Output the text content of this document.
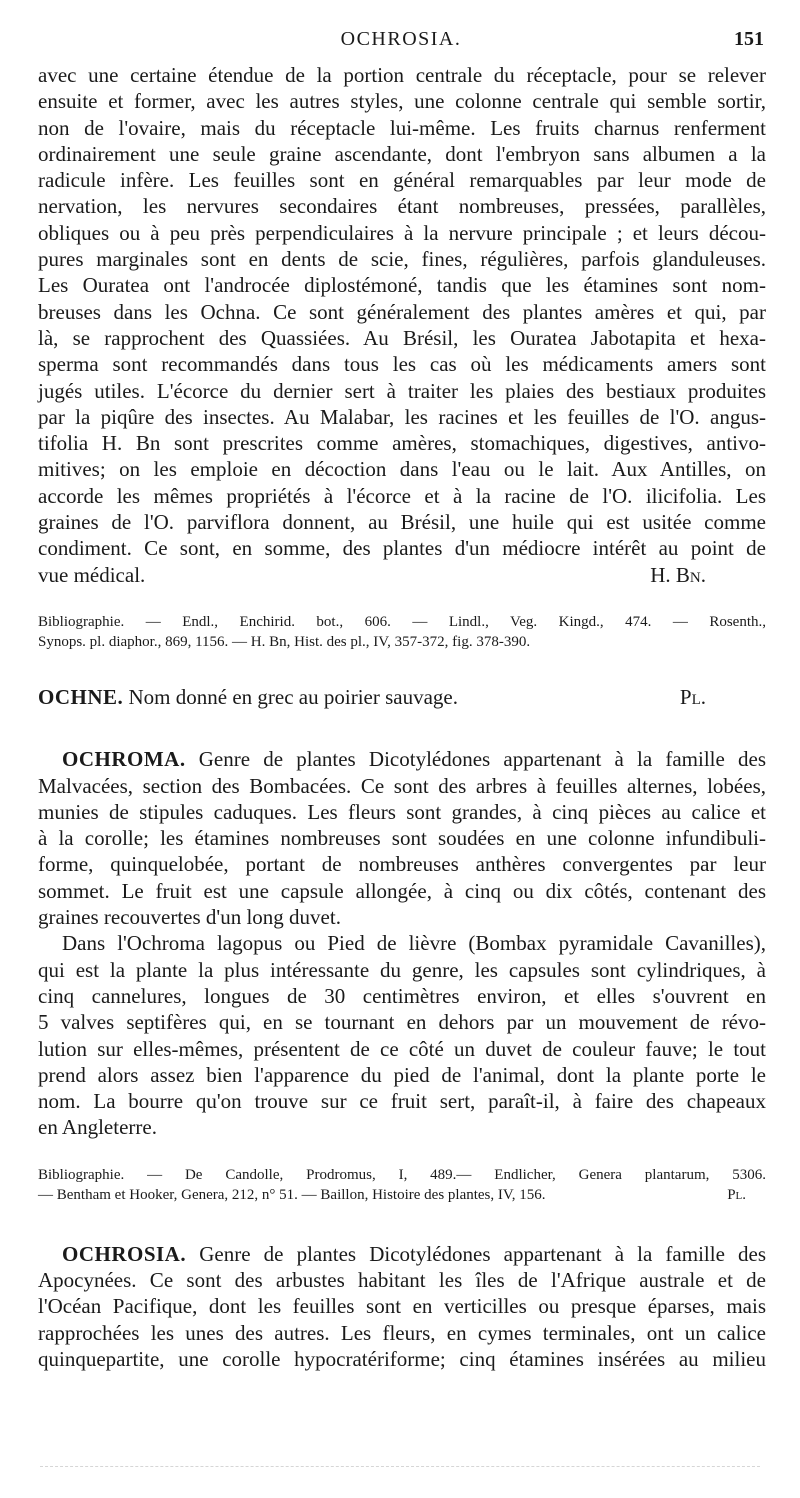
OCHROSIA.	151
avec une certaine étendue de la portion centrale du réceptacle, pour se relever
ensuite et former, avec les autres styles, une colonne centrale qui semble sortir,
non de l'ovaire, mais du réceptacle lui-même. Les fruits charnus renferment
ordinairement une seule graine ascendante, dont l'embryon sans albumen a la
radicule infère. Les feuilles sont en général remarquables par leur mode de
nervation, les nervures secondaires étant nombreuses, pressées, parallèles,
obliques ou à peu près perpendiculaires à la nervure principale ; et leurs décou-
pures marginales sont en dents de scie, fines, régulières, parfois glanduleuses.
Les Ouratea ont l'androcée diplostémoné, tandis que les étamines sont nom-
breuses dans les Ochna. Ce sont généralement des plantes amères et qui, par
là, se rapprochent des Quassiées. Au Brésil, les Ouratea Jabotapita et hexa-
sperma sont recommandés dans tous les cas où les médicaments amers sont
jugés utiles. L'écorce du dernier sert à traiter les plaies des bestiaux produites
par la piqûre des insectes. Au Malabar, les racines et les feuilles de l'O. angus-
tifolia H. Bn sont prescrites comme amères, stomachiques, digestives, antivo-
mitives; on les emploie en décoction dans l'eau ou le lait. Aux Antilles, on
accorde les mêmes propriétés à l'écorce et à la racine de l'O. ilicifolia. Les
graines de l'O. parviflora donnent, au Brésil, une huile qui est usitée comme
condiment. Ce sont, en somme, des plantes d'un médiocre intérêt au point de
vue médical.	H. Bn.
Bibliographie. — Endl., Enchirid. bot., 606. — Lindl., Veg. Kingd., 474. — Rosenth.,
Synops. pl. diaphor., 869, 1156. — H. Bn, Hist. des pl., IV, 357-372, fig. 378-390.
OCHNE. Nom donné en grec au poirier sauvage.	Pl.
OCHROMA. Genre de plantes Dicotylédones appartenant à la famille des
Malvacées, section des Bombacées. Ce sont des arbres à feuilles alternes, lobées,
munies de stipules caduques. Les fleurs sont grandes, à cinq pièces au calice et
à la corolle; les étamines nombreuses sont soudées en une colonne infundibuli-
forme, quinquelobée, portant de nombreuses anthères convergentes par leur
sommet. Le fruit est une capsule allongée, à cinq ou dix côtés, contenant des
graines recouvertes d'un long duvet.
Dans l'Ochroma lagopus ou Pied de lièvre (Bombax pyramidale Cavanilles),
qui est la plante la plus intéressante du genre, les capsules sont cylindriques, à
cinq cannelures, longues de 30 centimètres environ, et elles s'ouvrent en
5 valves septifères qui, en se tournant en dehors par un mouvement de révo-
lution sur elles-mêmes, présentent de ce côté un duvet de couleur fauve; le tout
prend alors assez bien l'apparence du pied de l'animal, dont la plante porte le
nom. La bourre qu'on trouve sur ce fruit sert, paraît-il, à faire des chapeaux
en Angleterre.
Bibliographie. — De Candolle, Prodromus, I, 489.— Endlicher, Genera plantarum, 5306.
— Bentham et Hooker, Genera, 212, n° 51. — Baillon, Histoire des plantes, IV, 156.	Pl.
OCHROSIA. Genre de plantes Dicotylédones appartenant à la famille des
Apocynées. Ce sont des arbustes habitant les îles de l'Afrique australe et de
l'Océan Pacifique, dont les feuilles sont en verticilles ou presque éparses, mais
rapprochées les unes des autres. Les fleurs, en cymes terminales, ont un calice
quinquepartite, une corolle hypocratériforme; cinq étamines insérées au milieu
